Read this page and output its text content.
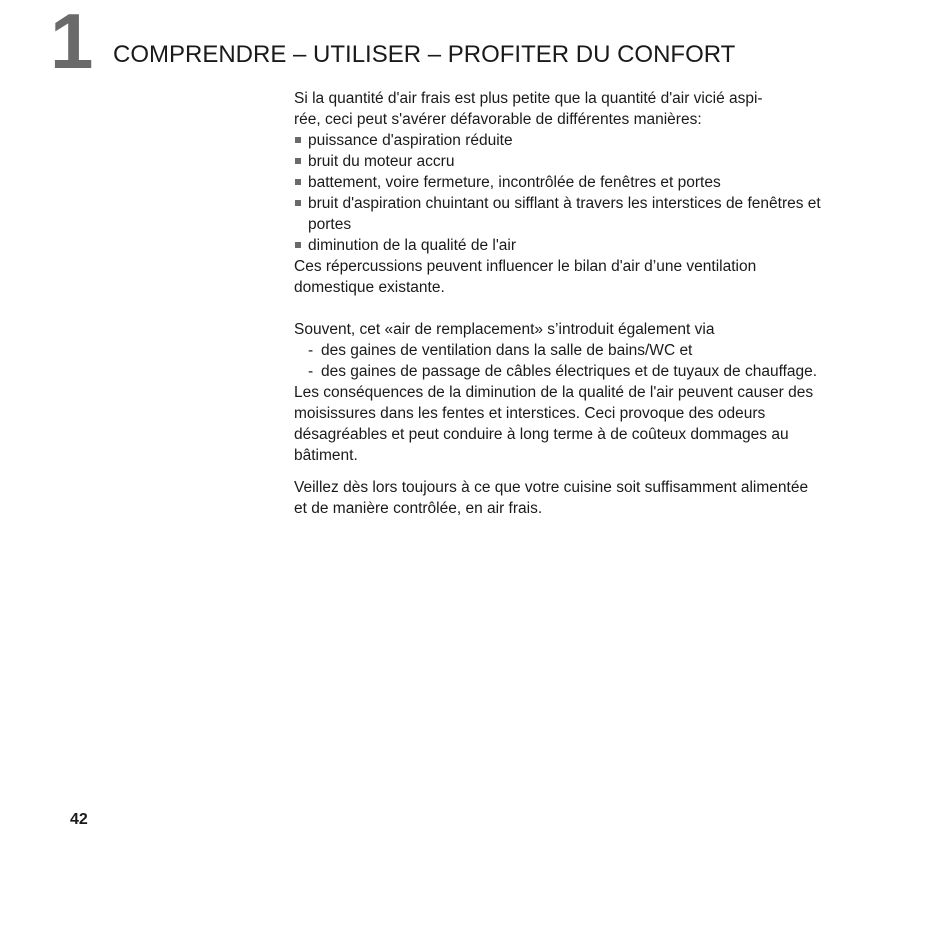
1 COMPRENDRE – UTILISER – PROFITER DU CONFORT

Si la quantité d'air frais est plus petite que la quantité d'air vicié aspi-
rée, ceci peut s'avérer défavorable de différentes manières:

puissance d'aspiration réduite
bruit du moteur accru
battement, voire fermeture, incontrôlée de fenêtres et portes
bruit d'aspiration chuintant ou sifflant à travers les interstices de fenêtres et portes
diminution de la qualité de l'air

Ces répercussions peuvent influencer le bilan d'air d’une ventilation domestique existante.

Souvent, cet «air de remplacement» s’introduit également via

- des gaines de ventilation dans la salle de bains/WC et
- des gaines de passage de câbles électriques et de tuyaux de chauffage.

Les conséquences de la diminution de la qualité de l'air peuvent causer des moisissures dans les fentes et interstices. Ceci provoque des odeurs désagréables et peut conduire à long terme à de coûteux dommages au bâtiment.

Veillez dès lors toujours à ce que votre cuisine soit suffisamment alimentée et de manière contrôlée, en air frais.

42
